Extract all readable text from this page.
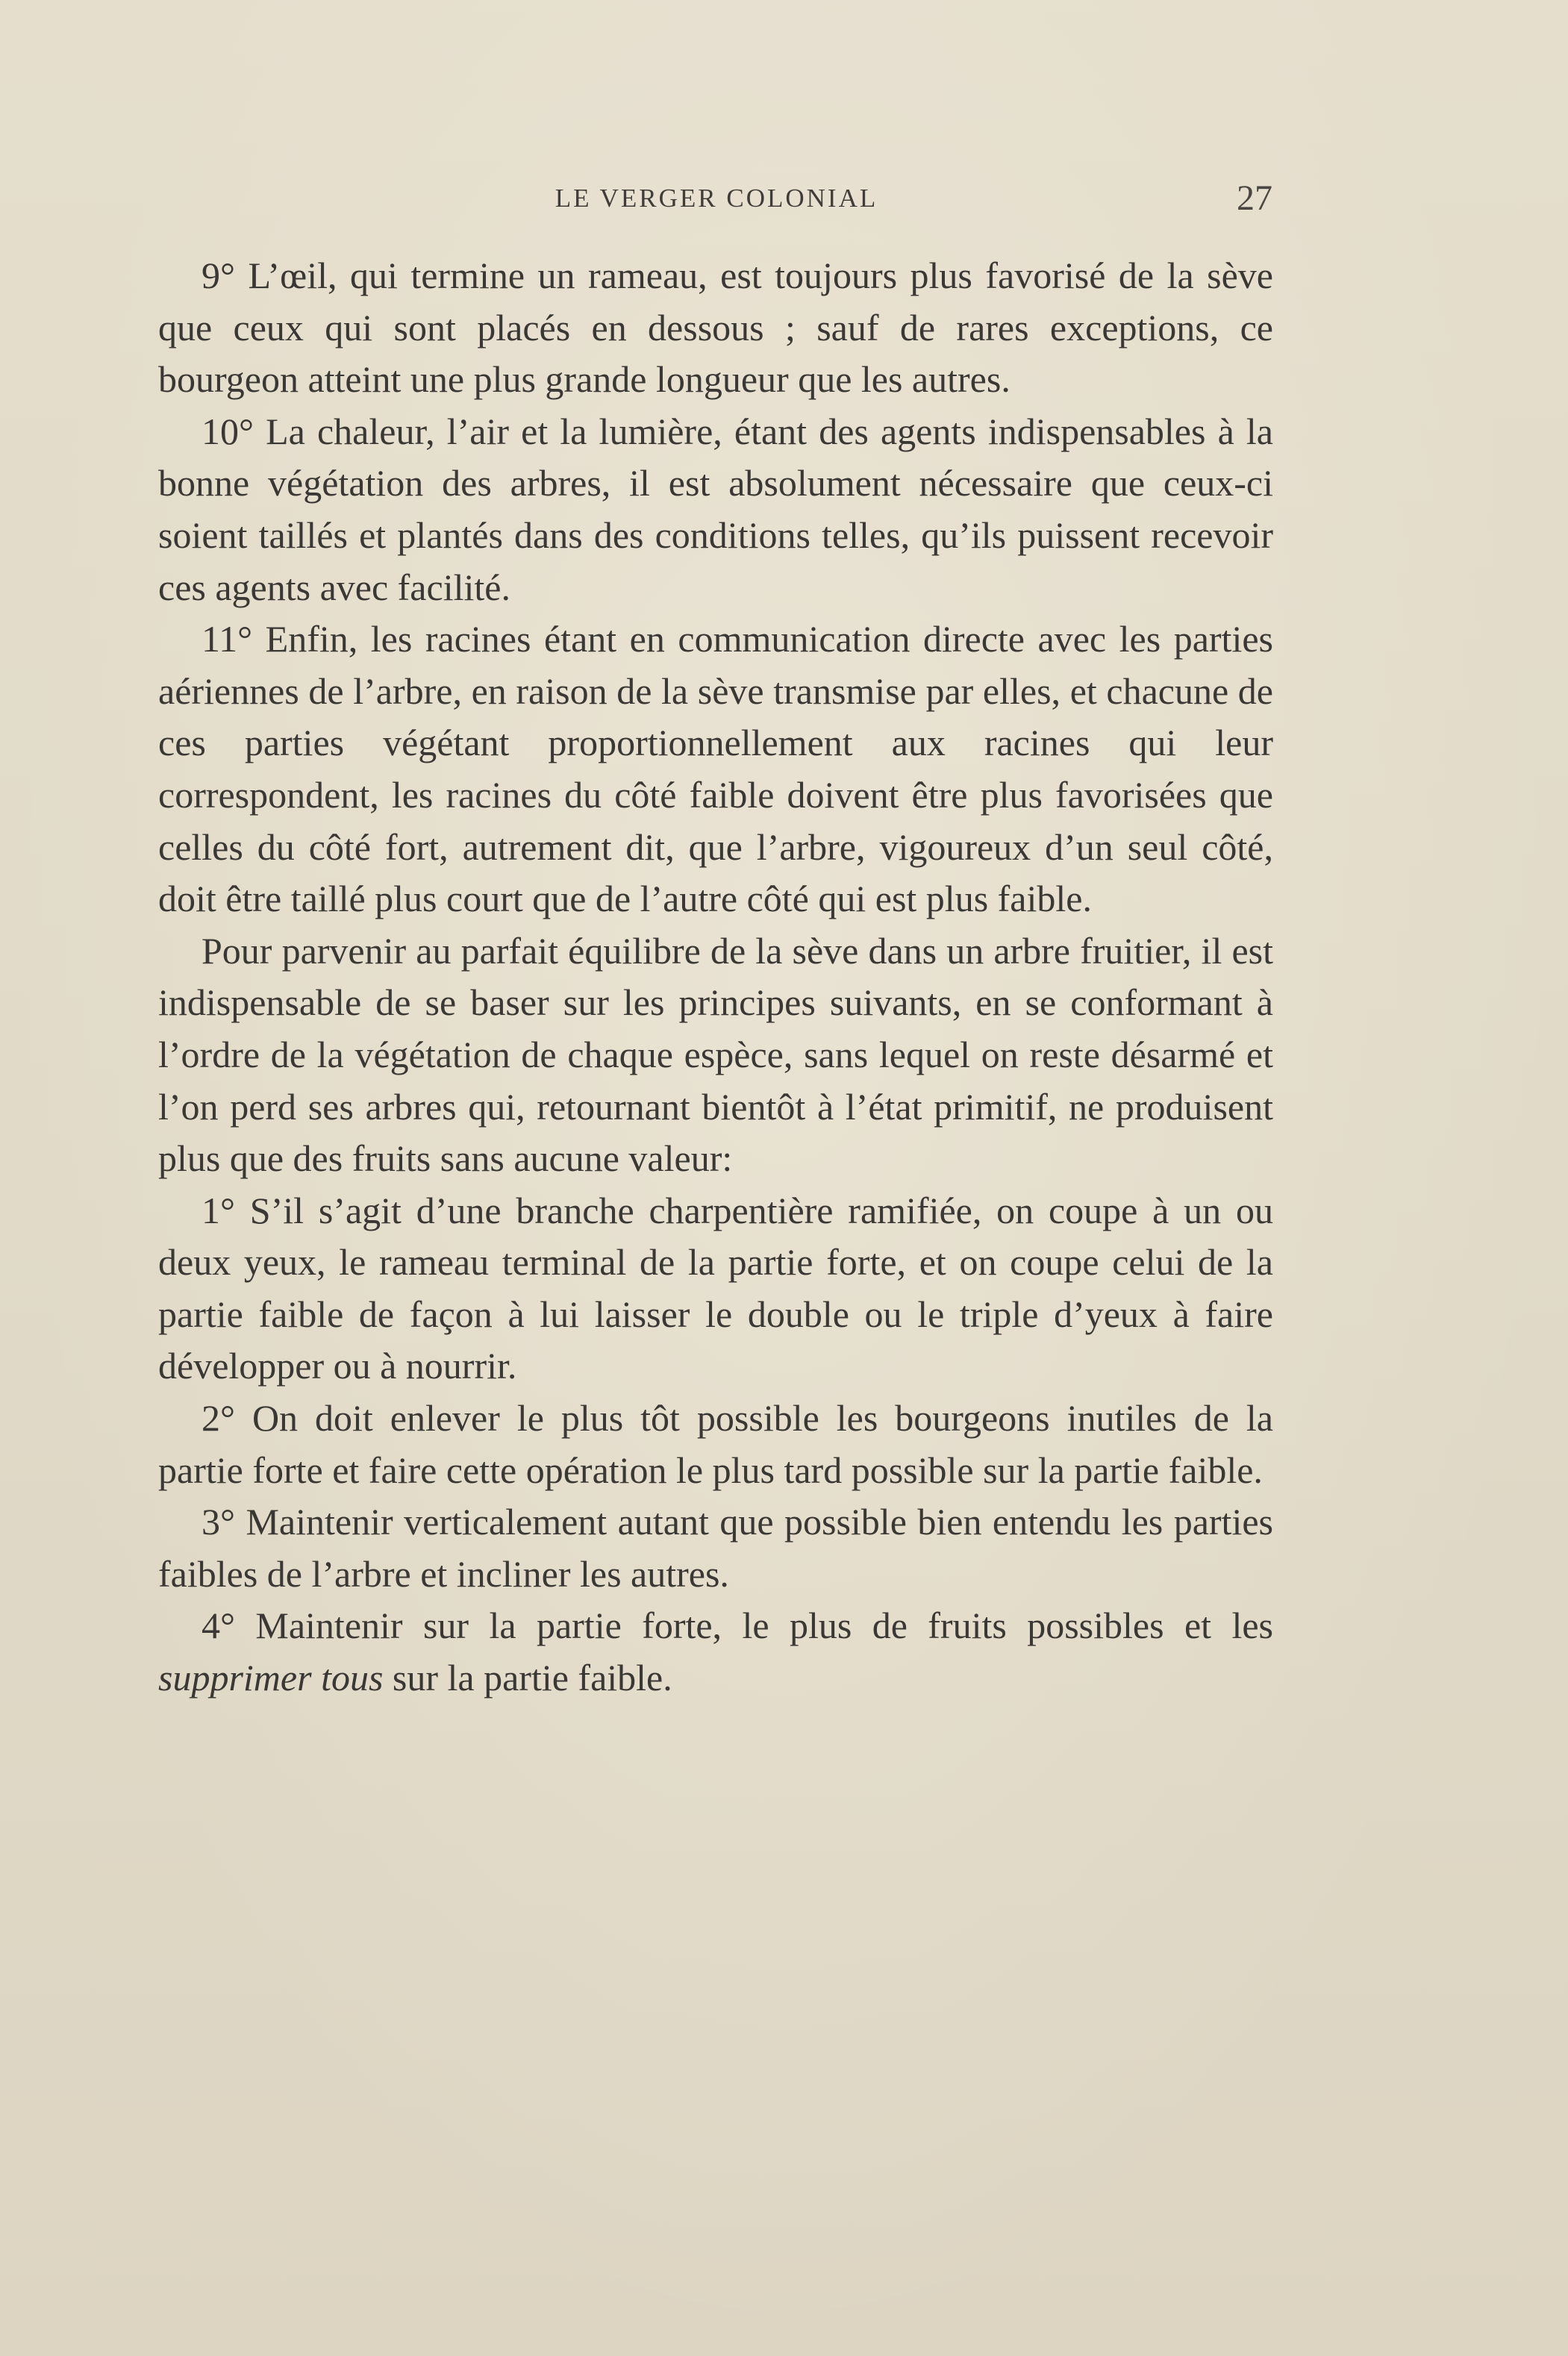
LE VERGER COLONIAL	27

9° L’œil, qui termine un rameau, est toujours plus favorisé de la sève que ceux qui sont placés en dessous ; sauf de rares exceptions, ce bourgeon atteint une plus grande longueur que les autres.

10° La chaleur, l’air et la lumière, étant des agents indispensables à la bonne végétation des arbres, il est absolument nécessaire que ceux-ci soient taillés et plantés dans des conditions telles, qu’ils puissent recevoir ces agents avec facilité.

11° Enfin, les racines étant en communication directe avec les parties aériennes de l’arbre, en raison de la sève transmise par elles, et chacune de ces parties végétant proportionnellement aux racines qui leur correspondent, les racines du côté faible doivent être plus favorisées que celles du côté fort, autrement dit, que l’arbre, vigoureux d’un seul côté, doit être taillé plus court que de l’autre côté qui est plus faible.

Pour parvenir au parfait équilibre de la sève dans un arbre fruitier, il est indispensable de se baser sur les principes suivants, en se conformant à l’ordre de la végétation de chaque espèce, sans lequel on reste désarmé et l’on perd ses arbres qui, retournant bientôt à l’état primitif, ne produisent plus que des fruits sans aucune valeur:

1° S’il s’agit d’une branche charpentière ramifiée, on coupe à un ou deux yeux, le rameau terminal de la partie forte, et on coupe celui de la partie faible de façon à lui laisser le double ou le triple d’yeux à faire développer ou à nourrir.

2° On doit enlever le plus tôt possible les bourgeons inutiles de la partie forte et faire cette opération le plus tard possible sur la partie faible.

3° Maintenir verticalement autant que possible bien entendu les parties faibles de l’arbre et incliner les autres.

4° Maintenir sur la partie forte, le plus de fruits possibles et les supprimer tous sur la partie faible.
